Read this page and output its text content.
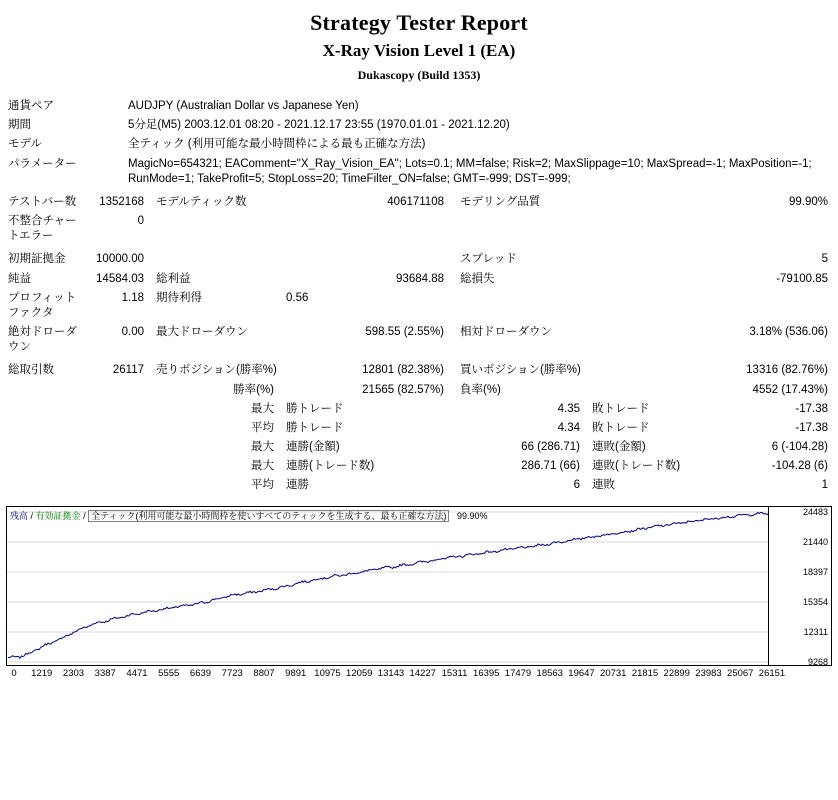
Strategy Tester Report
X-Ray Vision Level 1 (EA)
Dukascopy (Build 1353)
通貨ペア	AUDJPY (Australian Dollar vs Japanese Yen)				
期間	5分足(M5) 2003.12.01 08:20 - 2021.12.17 23:55 (1970.01.01 - 2021.12.20)				
モデル	全ティック (利用可能な最小時間枠による最も正確な方法)				
パラメーター	MagicNo=654321; EAComment="X_Ray_Vision_EA"; Lots=0.1; MM=false; Risk=2; MaxSlippage=10; MaxSpread=-1; MaxPosition=-1;
RunMode=1; TakeProfit=5; StopLoss=20; TimeFilter_ON=false; GMT=-999; DST=-999;				

テストバー数	1352168	モデルティック数	406171108	モデリング品質	99.90%
不整合チャートエラー	0				

初期証拠金	10000.00			スプレッド	5
純益	14584.03	総利益	93684.88	総損失	-79100.85
プロフィットファクタ	1.18	期待利得	0.56		
絶対ドローダウン	0.00	最大ドローダウン	598.55 (2.55%)	相対ドローダウン	3.18% (536.06)

総取引数	26117	売りポジション(勝率%)	12801 (82.38%)	買いポジション(勝率%)	13316 (82.76%)
		勝率(%)	21565 (82.57%)	負率(%)	4552 (17.43%)
		最大	勝トレード	4.35	敗トレード -17.38
		平均	勝トレード	4.34	敗トレード -17.38
		最大	連勝(金額)	66 (286.71)	連敗(金額) 6 (-104.28)
		最大	連勝(トレード数)	286.71 (66)	連敗(トレード数) -104.28 (6)
		平均	連勝	6	連敗 1
残高 / 有効証拠金 / 全ティック(利用可能な最小時間枠を使いすべてのティックを生成する、最も正確な方法) 99.90%	24483
21440
18397
15354
12311
9268
0 1219 2303 3387 4471 5555 6639 7723 8807 9891 10975 12059 13143 14227 15311 16395 17479 18563 19647 20731 21815 22899 23983 25067 26151
